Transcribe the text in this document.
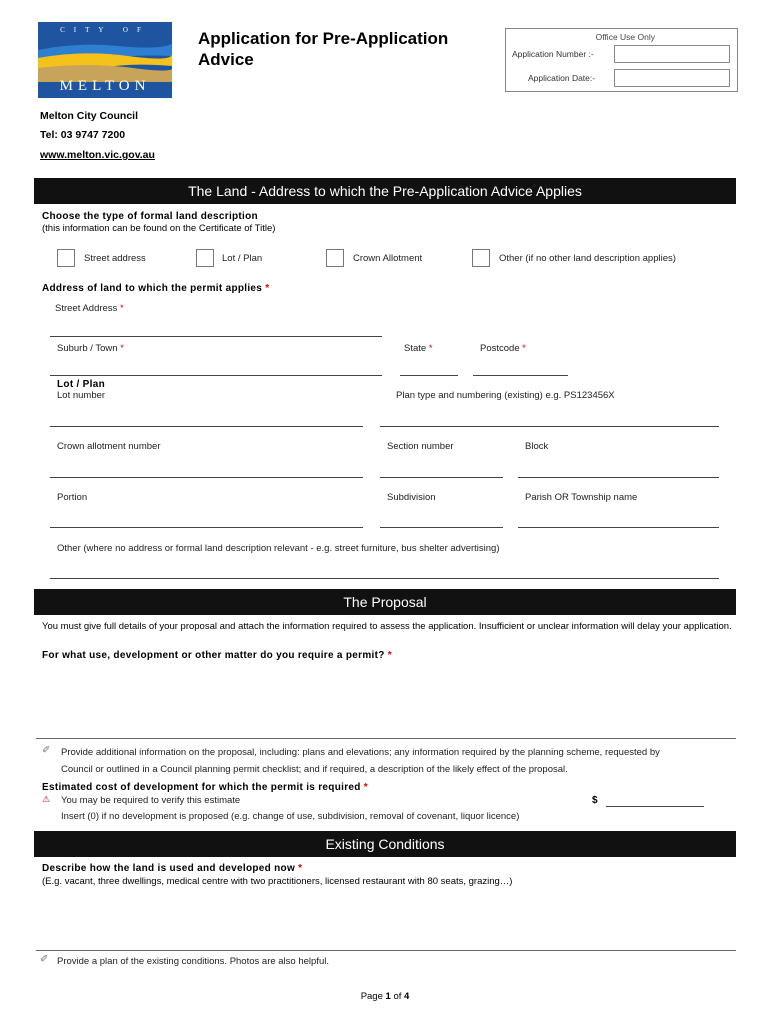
CITY OF
MELTON
Application for Pre-Application Advice
Office Use Only
Application Number :-
Application Date:-
Melton City Council
Tel: 03 9747 7200
www.melton.vic.gov.au
The Land - Address to which the Pre-Application Advice Applies
Choose the type of formal land description
(this information can be found on the Certificate of Title)
Street address	Lot / Plan	Crown Allotment	Other (if no other land description applies)
Address of land to which the permit applies *
Street Address *
Suburb / Town *	State *	Postcode *
Lot / Plan
Lot number	Plan type and numbering (existing) e.g. PS123456X
Crown allotment number	Section number	Block
Portion	Subdivision	Parish OR Township name
Other (where no address or formal land description relevant - e.g. street furniture, bus shelter advertising)
The Proposal
You must give full details of your proposal and attach the information required to assess the application. Insufficient or unclear information will delay your application.
For what use, development or other matter do you require a permit? *
✐ Provide additional information on the proposal, including: plans and elevations; any information required by the planning scheme, requested by
Council or outlined in a Council planning permit checklist; and if required, a description of the likely effect of the proposal.
Estimated cost of development for which the permit is required *
⚠ You may be required to verify this estimate	$
Insert (0) if no development is proposed (e.g. change of use, subdivision, removal of covenant, liquor licence)
Existing Conditions
Describe how the land is used and developed now *
(E.g. vacant, three dwellings, medical centre with two practitioners, licensed restaurant with 80 seats, grazing…)
✐ Provide a plan of the existing conditions. Photos are also helpful.
Page 1 of 4
